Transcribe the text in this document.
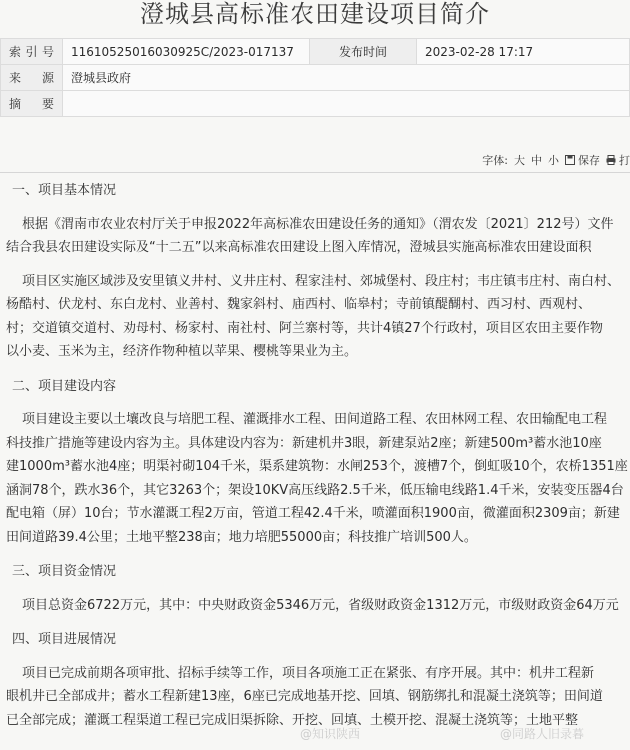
澄城县高标准农田建设项目简介
索 引 号	11610525016030925C/2023-017137	发布时间	2023-02-28 17:17
来 源	澄城县政府		
摘 要			
字体: 大 中 小 保存 打

一、项目基本情况

根据《渭南市农业农村厅关于申报2022年高标准农田建设任务的通知》（渭农发〔2021〕212号）文件

结合我县农田建设实际及“十二五”以来高标准农田建设上图入库情况，澄城县实施高标准农田建设面积

项目区实施区域涉及安里镇义井村、义井庄村、程家洼村、郊城堡村、段庄村；韦庄镇韦庄村、南白村、

杨酷村、伏龙村、东白龙村、业善村、魏家斜村、庙西村、临皋村；寺前镇醍醐村、西习村、西观村、

村；交道镇交道村、劝母村、杨家村、南社村、阿兰寨村等，共计4镇27个行政村，项目区农田主要作物

以小麦、玉米为主，经济作物种植以苹果、樱桃等果业为主。

二、项目建设内容

项目建设主要以土壤改良与培肥工程、灌溉排水工程、田间道路工程、农田林网工程、农田输配电工程

科技推广措施等建设内容为主。具体建设内容为：新建机井3眼，新建泵站2座；新建500m³蓄水池10座

建1000m³蓄水池4座；明渠衬砌104千米，渠系建筑物：水闸253个，渡槽7个，倒虹吸10个，农桥1351座

涵洞78个，跌水36个，其它3263个；架设10KV高压线路2.5千米，低压输电线路1.4千米，安装变压器4台

配电箱（屏）10台；节水灌溉工程2万亩，管道工程42.4千米，喷灌面积1900亩，微灌面积2309亩；新建

田间道路39.4公里；土地平整238亩；地力培肥55000亩；科技推广培训500人。

三、项目资金情况

项目总资金6722万元，其中：中央财政资金5346万元，省级财政资金1312万元，市级财政资金64万元

四、项目进展情况

项目已完成前期各项审批、招标手续等工作，项目各项施工正在紧张、有序开展。其中：机井工程新

眼机井已全部成井；蓄水工程新建13座，6座已完成地基开挖、回填、钢筋绑扎和混凝土浇筑等；田间道

已全部完成；灌溉工程渠道工程已完成旧渠拆除、开挖、回填、土模开挖、混凝土浇筑等；土地平整

@知识陕西	@同路人旧录暮
